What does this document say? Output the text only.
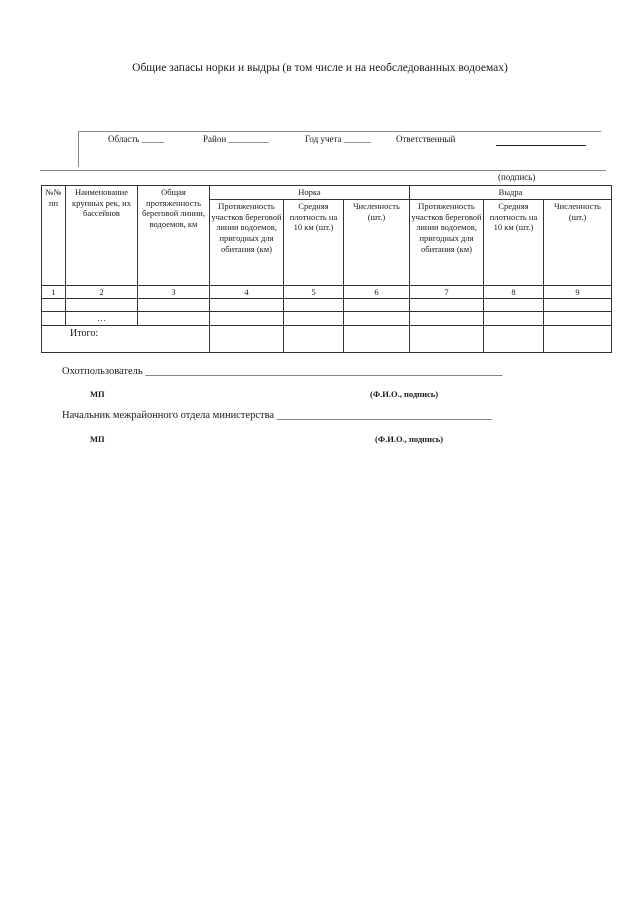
Общие запасы норки и выдры (в том числе и на необследованных водоемах)
Область _____	Район _________	Год учета ______	Ответственный
(подпись)
№№ пп	Наименование крупных рек, их бассейнов	Общая протяженность береговой линии, водоемов, км	Норка			Выдра		
			Протяженность участков береговой линии водоемов, пригодных для обитания (км)	Средняя плотность на 10 км (шт.)	Численность (шт.)	Протяженность участков береговой линии водоемов, пригодных для обитания (км)	Средняя плотность на 10 км (шт.)	Численность (шт.)
1	2	3	4	5	6	7	8	9

	…							
Итого:								
Охотпользователь ____________________________________________________________________
МП	(Ф.И.О., подпись)
Начальник межрайонного отдела министерства _________________________________________
МП	(Ф.И.О., подпись)
